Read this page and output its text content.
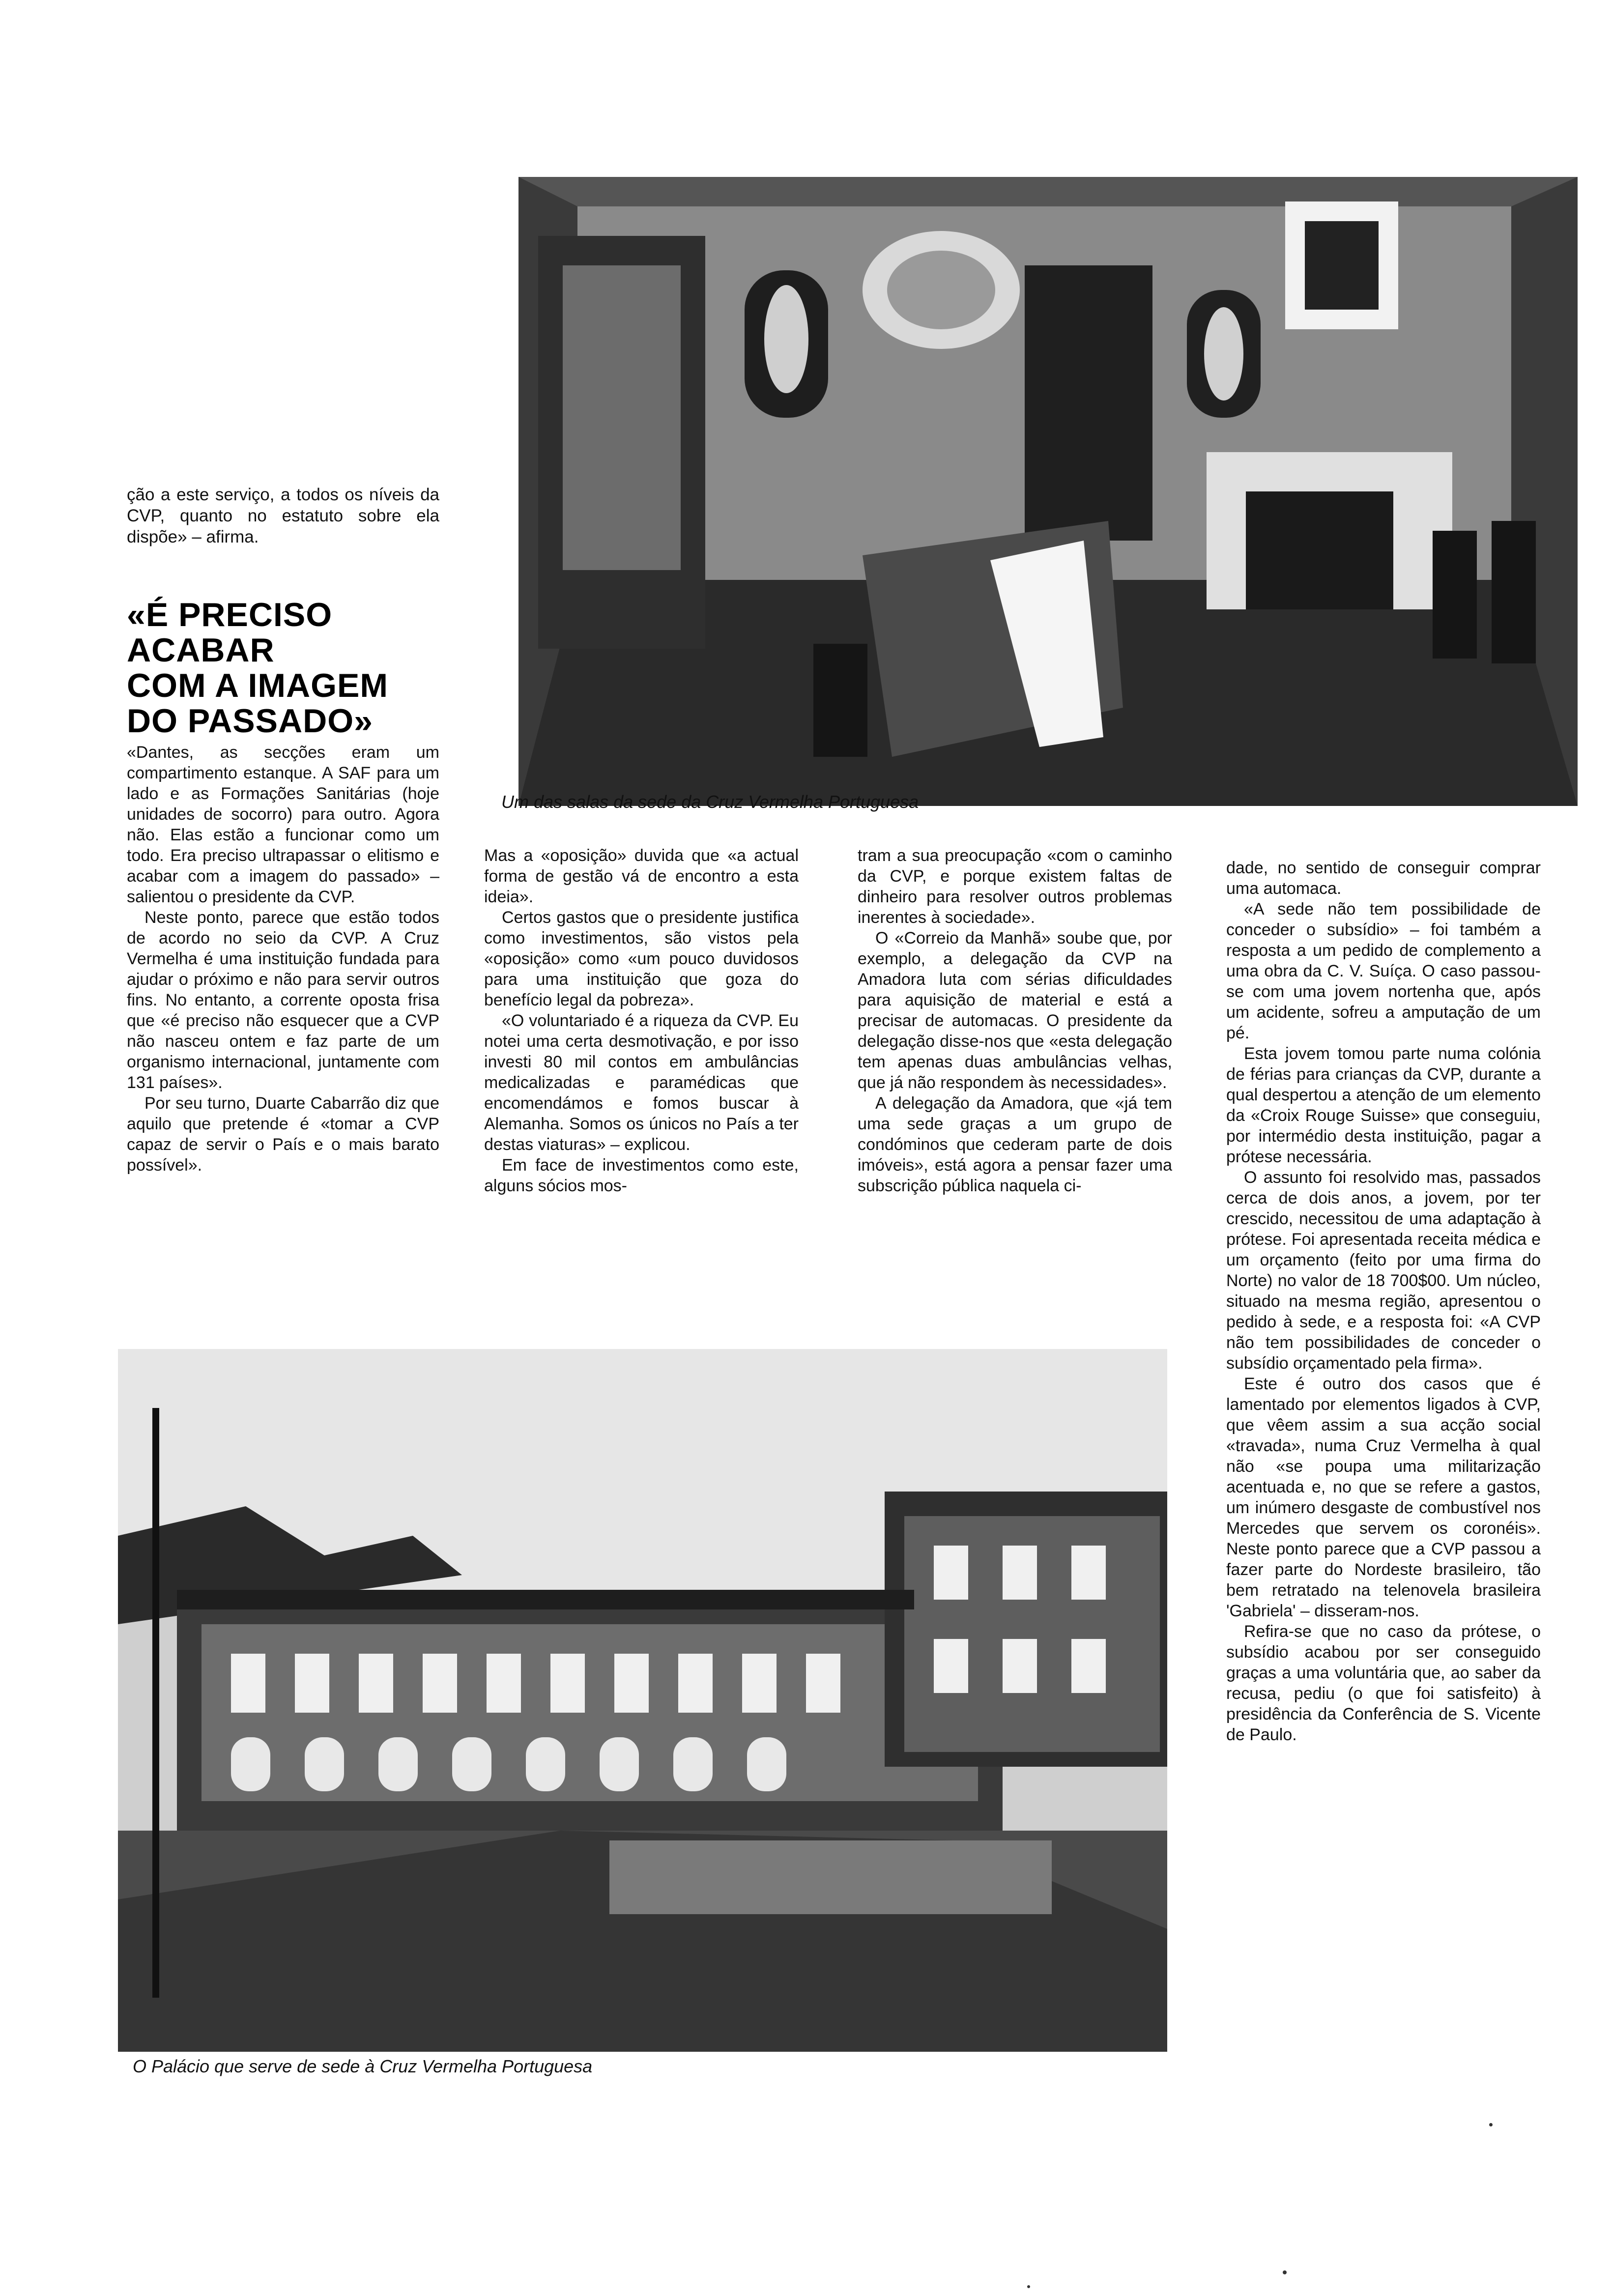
ção a este serviço, a todos os níveis da CVP, quanto no estatuto sobre ela dispõe» – afirma.

«É PRECISO

ACABAR

COM A IMAGEM

DO PASSADO»

«Dantes, as secções eram um compartimento estanque. A SAF para um lado e as Formações Sanitárias (hoje unidades de socorro) para outro. Agora não. Elas estão a funcionar como um todo. Era preciso ultrapassar o elitismo e acabar com a imagem do passado» – salientou o presidente da CVP.

Neste ponto, parece que estão todos de acordo no seio da CVP. A Cruz Vermelha é uma instituição fundada para ajudar o próximo e não para servir outros fins. No entanto, a corrente oposta frisa que «é preciso não esquecer que a CVP não nasceu ontem e faz parte de um organismo internacional, juntamente com 131 países».

Por seu turno, Duarte Cabarrão diz que aquilo que pretende é «tomar a CVP capaz de servir o País e o mais barato possível».

Um das salas da sede da Cruz Vermelha Portuguesa

Mas a «oposição» duvida que «a actual forma de gestão vá de encontro a esta ideia».

Certos gastos que o presidente justifica como investimentos, são vistos pela «oposição» como «um pouco duvidosos para uma instituição que goza do benefício legal da pobreza».

«O voluntariado é a riqueza da CVP. Eu notei uma certa desmotivação, e por isso investi 80 mil contos em ambulâncias medicalizadas e paramédicas que encomendámos e fomos buscar à Alemanha. Somos os únicos no País a ter destas viaturas» – explicou.

Em face de investimentos como este, alguns sócios mos-

tram a sua preocupação «com o caminho da CVP, e porque existem faltas de dinheiro para resolver outros problemas inerentes à sociedade».

O «Correio da Manhã» soube que, por exemplo, a delegação da CVP na Amadora luta com sérias dificuldades para aquisição de material e está a precisar de automacas. O presidente da delegação disse-nos que «esta delegação tem apenas duas ambulâncias velhas, que já não respondem às necessidades».

A delegação da Amadora, que «já tem uma sede graças a um grupo de condóminos que cederam parte de dois imóveis», está agora a pensar fazer uma subscrição pública naquela ci-

dade, no sentido de conseguir comprar uma automaca.

«A sede não tem possibilidade de conceder o subsídio» – foi também a resposta a um pedido de complemento a uma obra da C. V. Suíça. O caso passou-se com uma jovem nortenha que, após um acidente, sofreu a amputação de um pé.

Esta jovem tomou parte numa colónia de férias para crianças da CVP, durante a qual despertou a atenção de um elemento da «Croix Rouge Suisse» que conseguiu, por intermédio desta instituição, pagar a prótese necessária.

O assunto foi resolvido mas, passados cerca de dois anos, a jovem, por ter crescido, necessitou de uma adaptação à prótese. Foi apresentada receita médica e um orçamento (feito por uma firma do Norte) no valor de 18 700$00. Um núcleo, situado na mesma região, apresentou o pedido à sede, e a resposta foi: «A CVP não tem possibilidades de conceder o subsídio orçamentado pela firma».

Este é outro dos casos que é lamentado por elementos ligados à CVP, que vêem assim a sua acção social «travada», numa Cruz Vermelha à qual não «se poupa uma militarização acentuada e, no que se refere a gastos, um inúmero desgaste de combustível nos Mercedes que servem os coronéis». Neste ponto parece que a CVP passou a fazer parte do Nordeste brasileiro, tão bem retratado na telenovela brasileira 'Gabriela' – disseram-nos.

Refira-se que no caso da prótese, o subsídio acabou por ser conseguido graças a uma voluntária que, ao saber da recusa, pediu (o que foi satisfeito) à presidência da Conferência de S. Vicente de Paulo.

O Palácio que serve de sede à Cruz Vermelha Portuguesa
